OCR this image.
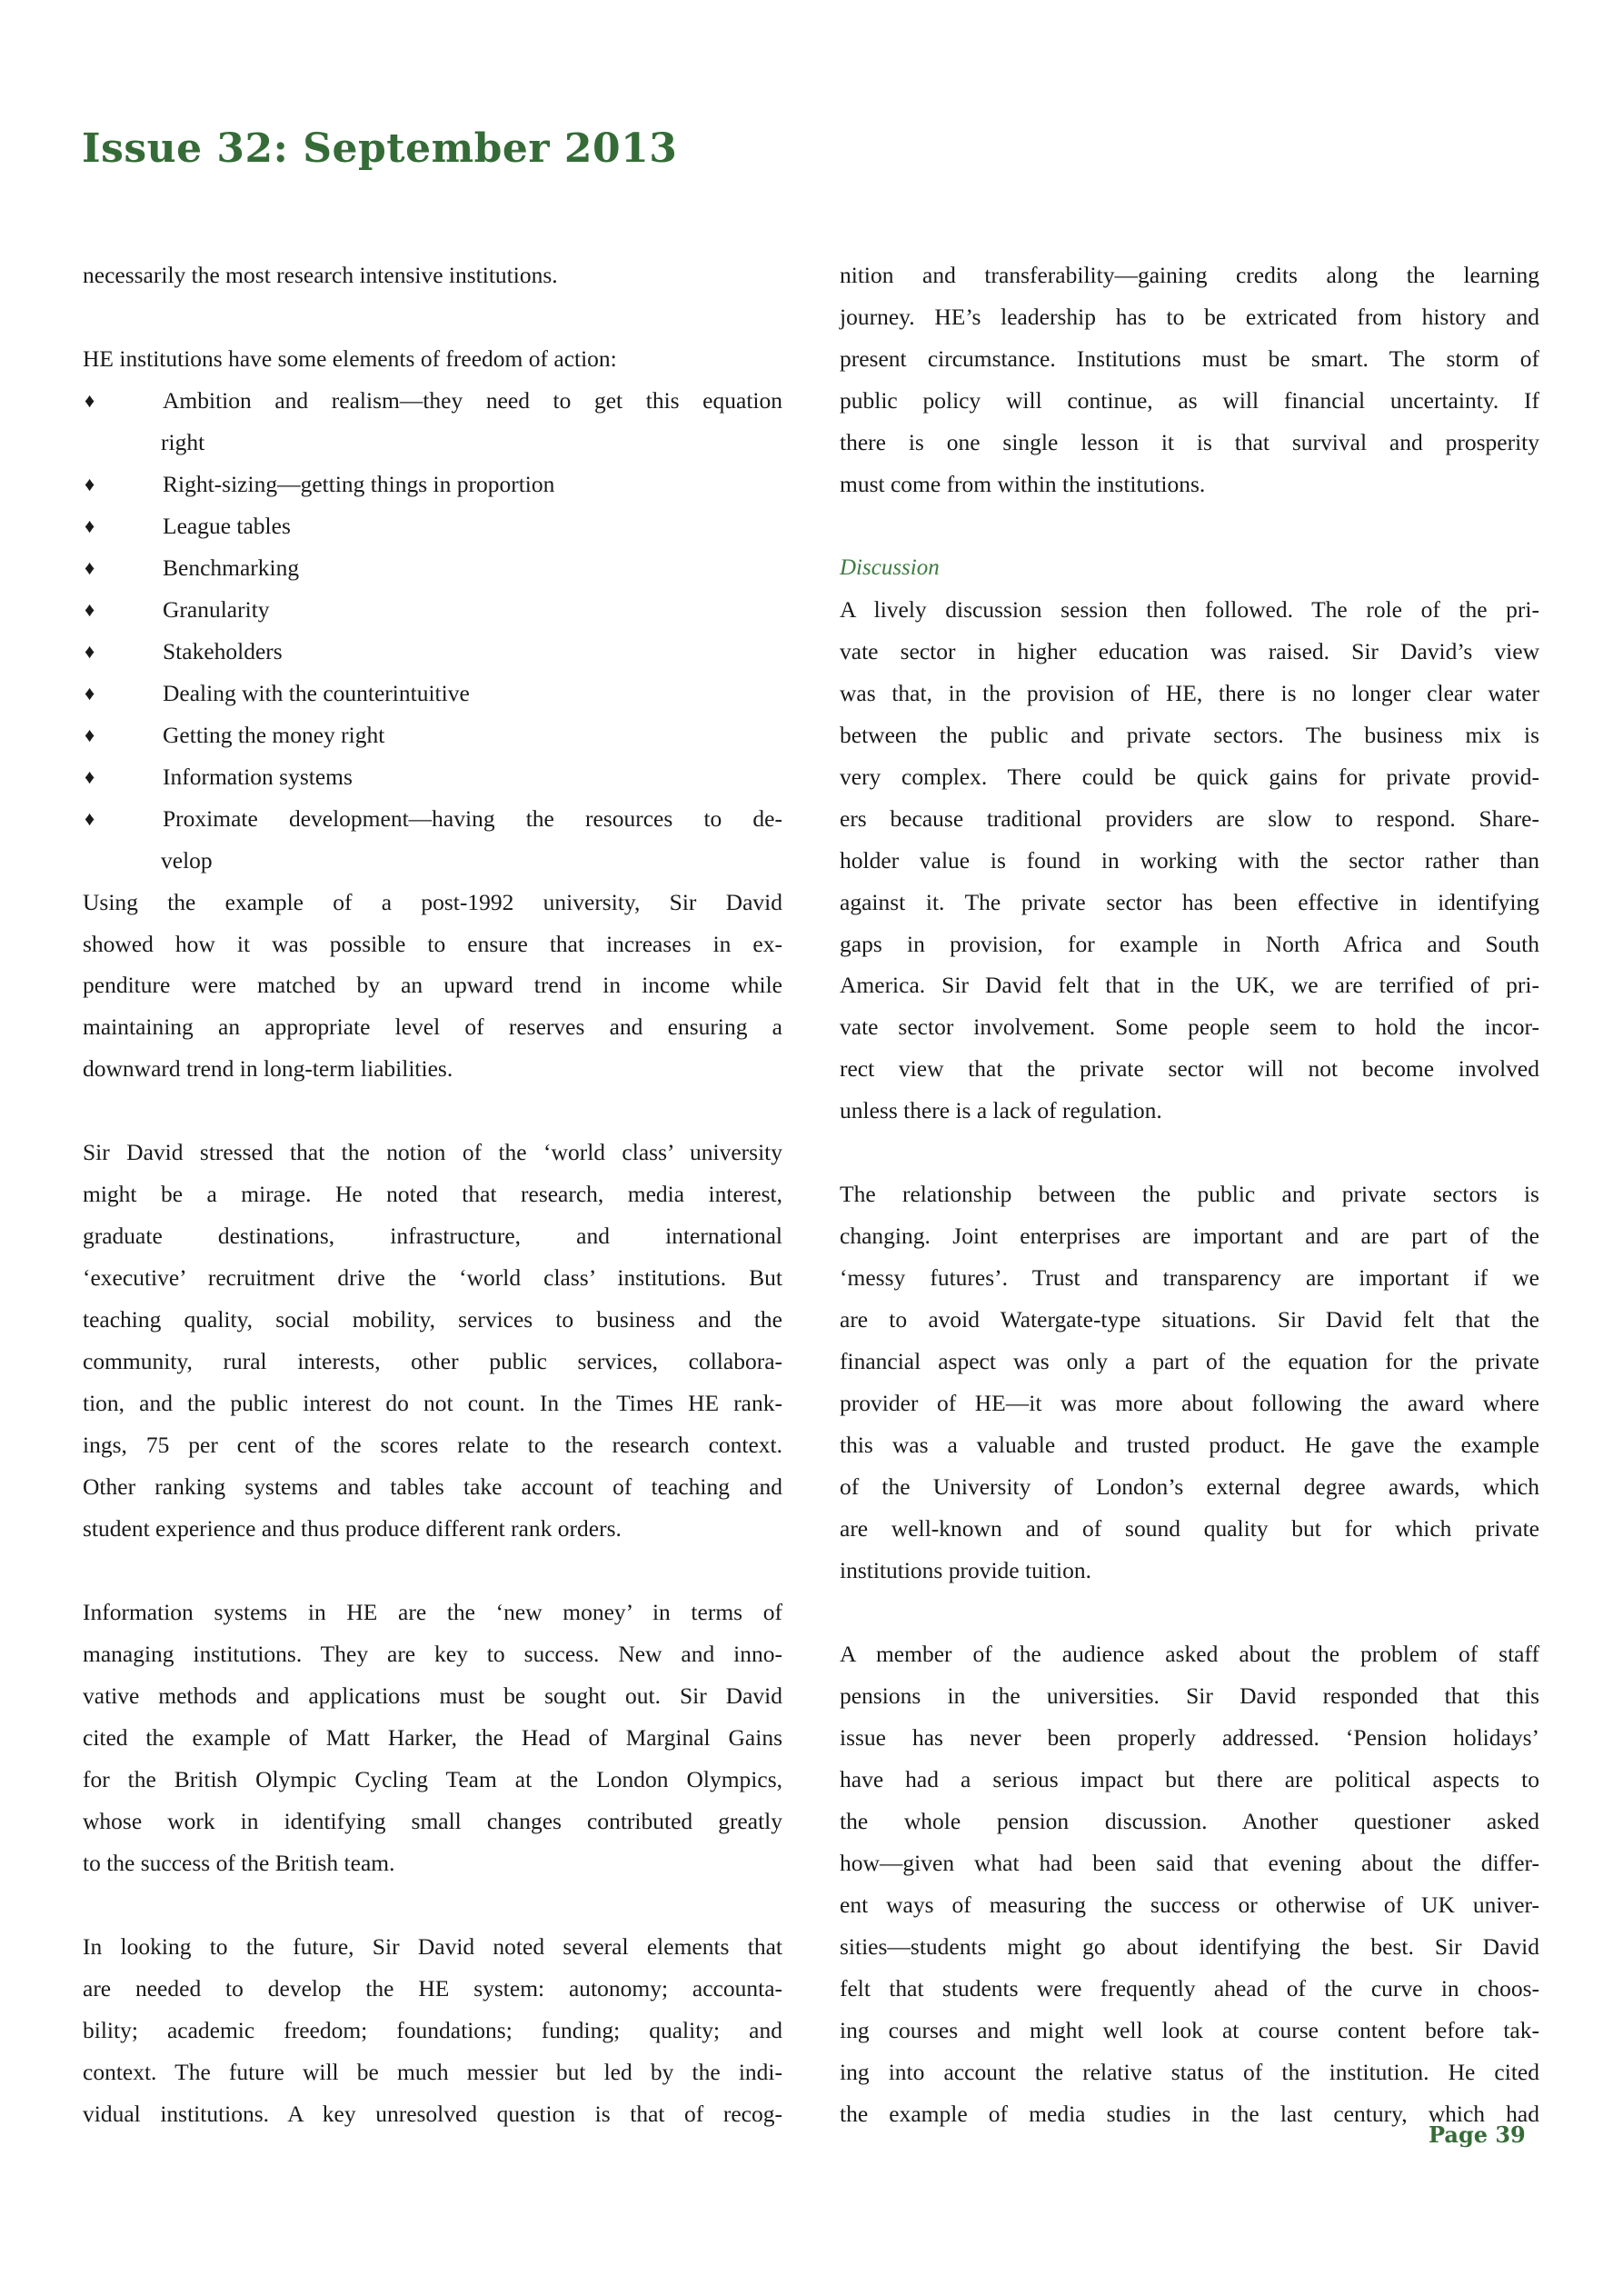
Issue 32: September 2013
necessarily the most research intensive institutions.
HE institutions have some elements of freedom of action:
♦	Ambition and realism—they need to get this equation
right
♦	Right-sizing—getting things in proportion
♦	League tables
♦	Benchmarking
♦	Granularity
♦	Stakeholders
♦	Dealing with the counterintuitive
♦	Getting the money right
♦	Information systems
♦	Proximate development—having the resources to de-
velop
Using the example of a post-1992 university, Sir David
showed how it was possible to ensure that increases in ex-
penditure were matched by an upward trend in income while
maintaining an appropriate level of reserves and ensuring a
downward trend in long-term liabilities.
Sir David stressed that the notion of the ‘world class’ university
might be a mirage. He noted that research, media interest,
graduate destinations, infrastructure, and international
‘executive’ recruitment drive the ‘world class’ institutions. But
teaching quality, social mobility, services to business and the
community, rural interests, other public services, collabora-
tion, and the public interest do not count. In the Times HE rank-
ings, 75 per cent of the scores relate to the research context.
Other ranking systems and tables take account of teaching and
student experience and thus produce different rank orders.
Information systems in HE are the ‘new money’ in terms of
managing institutions. They are key to success. New and inno-
vative methods and applications must be sought out. Sir David
cited the example of Matt Harker, the Head of Marginal Gains
for the British Olympic Cycling Team at the London Olympics,
whose work in identifying small changes contributed greatly
to the success of the British team.
In looking to the future, Sir David noted several elements that
are needed to develop the HE system: autonomy; accounta-
bility; academic freedom; foundations; funding; quality; and
context. The future will be much messier but led by the indi-
vidual institutions. A key unresolved question is that of recog-
nition and transferability—gaining credits along the learning
journey. HE’s leadership has to be extricated from history and
present circumstance. Institutions must be smart. The storm of
public policy will continue, as will financial uncertainty. If
there is one single lesson it is that survival and prosperity
must come from within the institutions.
Discussion
A lively discussion session then followed. The role of the pri-
vate sector in higher education was raised. Sir David’s view
was that, in the provision of HE, there is no longer clear water
between the public and private sectors. The business mix is
very complex. There could be quick gains for private provid-
ers because traditional providers are slow to respond. Share-
holder value is found in working with the sector rather than
against it. The private sector has been effective in identifying
gaps in provision, for example in North Africa and South
America. Sir David felt that in the UK, we are terrified of pri-
vate sector involvement. Some people seem to hold the incor-
rect view that the private sector will not become involved
unless there is a lack of regulation.
The relationship between the public and private sectors is
changing. Joint enterprises are important and are part of the
‘messy futures’. Trust and transparency are important if we
are to avoid Watergate-type situations. Sir David felt that the
financial aspect was only a part of the equation for the private
provider of HE—it was more about following the award where
this was a valuable and trusted product. He gave the example
of the University of London’s external degree awards, which
are well-known and of sound quality but for which private
institutions provide tuition.
A member of the audience asked about the problem of staff
pensions in the universities. Sir David responded that this
issue has never been properly addressed. ‘Pension holidays’
have had a serious impact but there are political aspects to
the whole pension discussion. Another questioner asked
how—given what had been said that evening about the differ-
ent ways of measuring the success or otherwise of UK univer-
sities—students might go about identifying the best. Sir David
felt that students were frequently ahead of the curve in choos-
ing courses and might well look at course content before tak-
ing into account the relative status of the institution. He cited
the example of media studies in the last century, which had
Page 39
